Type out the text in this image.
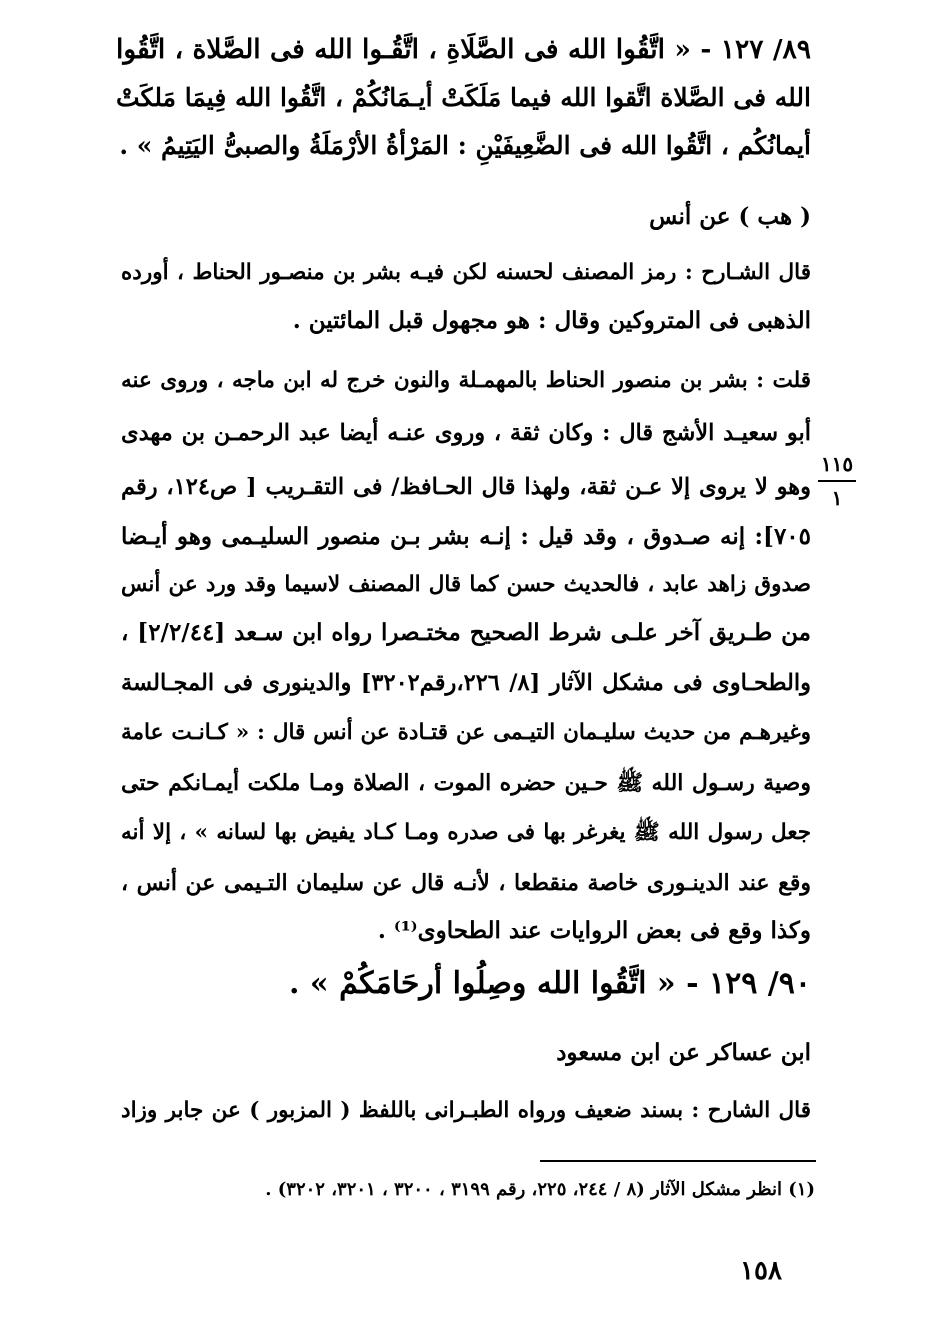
٨٩/ ١٢٧ - « اتَّقُوا الله فى الصَّلَاةِ ، اتَّقُـوا الله فى الصَّلاة ، اتَّقُوا
الله فى الصَّلاة اتَّقوا الله فيما مَلَكَتْ أيـمَانُكُمْ ، اتَّقُوا الله فِيمَا مَلكَتْ
أيمانُكُم ، اتَّقُوا الله فى الضَّعِيفَيْنِ : المَرْأةُ الأرْمَلَةُ والصبىُّ اليَتِيمُ » .
( هب ) عن أنس
قال الشـارح : رمز المصنف لحسنه لكن فيـه بشر بن منصـور الحناط ، أورده
الذهبى فى المتروكين وقال : هو مجهول قبل المائتين .
قلت : بشر بن منصور الحناط بالمهمـلة والنون خرج له ابن ماجه ، وروى عنه
أبو سعيـد الأشج قال : وكان ثقة ، وروى عنـه أيضا عبد الرحمـن بن مهدى
وهو لا يروى إلا عـن ثقة، ولهذا قال الحـافظ/ فى التقـريب [ ص١٢٤، رقم
٧٠٥]: إنه صـدوق ، وقد قيل : إنـه بشر بـن منصور السليـمى وهو أيـضا
صدوق زاهد عابد ، فالحديث حسن كما قال المصنف لاسيما وقد ورد عن أنس
من طـريق آخر علـى شرط الصحيح مختـصرا رواه ابن سـعد [٢/٢/٤٤] ،
والطحـاوى فى مشكل الآثار [٨/ ٢٢٦،رقم٣٢٠٢] والدينورى فى المجـالسة
وغيرهـم من حديث سليـمان التيـمى عن قتـادة عن أنس قال : « كـانـت عامة
وصية رسـول الله ﷺ حـين حضره الموت ، الصلاة ومـا ملكت أيمـانكم حتى
جعل رسول الله ﷺ يغرغر بها فى صدره ومـا كـاد يفيض بها لسانه » ، إلا أنه
وقع عند الدينـورى خاصة منقطعا ، لأنـه قال عن سليمان التـيمى عن أنس ،
وكذا وقع فى بعض الروايات عند الطحاوى⁽¹⁾ .
١١٥
١
٩٠/ ١٢٩ - « اتَّقُوا الله وصِلُوا أرحَامَكُمْ » .
ابن عساكر عن ابن مسعود
قال الشارح : بسند ضعيف ورواه الطبـرانى باللفظ ( المزبور ) عن جابر وزاد
(١) انظر مشكل الآثار (٨ / ٢٤٤، ٢٢٥، رقم ٣١٩٩ ، ٣٢٠٠ ، ٣٢٠١، ٣٢٠٢) .
١٥٨
